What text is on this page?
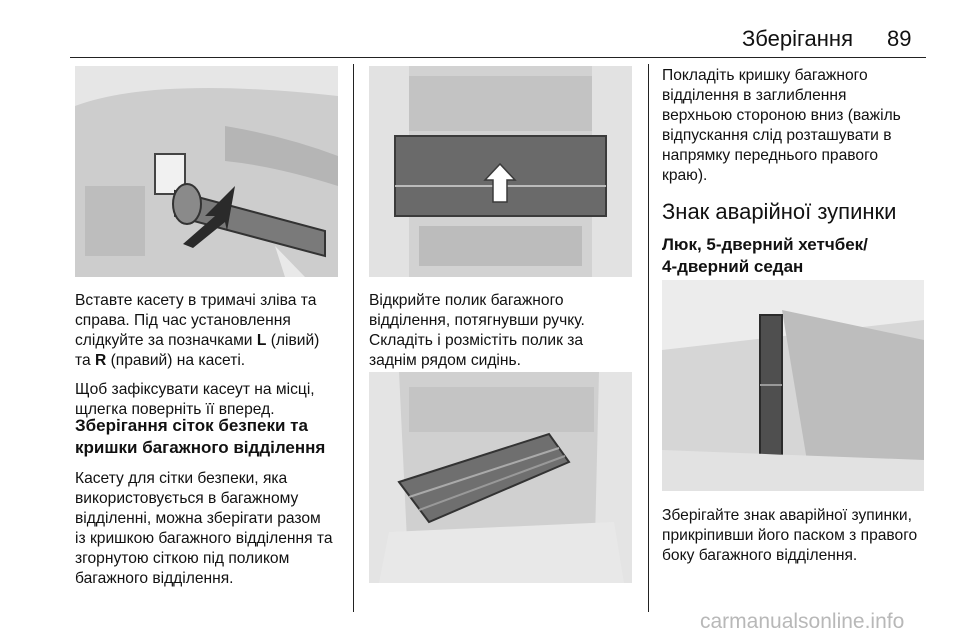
Зберігання 89
Вставте касету в тримачі зліва та
справа. Під час установлення
слідкуйте за позначками L (лівий)
та R (правий) на касеті.
Щоб зафіксувати касеут на місці,
щлегка поверніть її вперед.
Зберігання сіток безпеки та
кришки багажного відділення
Касету для сітки безпеки, яка
використовується в багажному
відділенні, можна зберігати разом
із кришкою багажного відділення та
згорнутою сіткою під поликом
багажного відділення.
Відкрийте полик багажного
відділення, потягнувши ручку.
Складіть і розмістіть полик за
заднім рядом сидінь.
Покладіть кришку багажного
відділення в заглиблення
верхньою стороною вниз (важіль
відпускання слід розташувати в
напрямку переднього правого
краю).
Знак аварійної зупинки
Люк, 5-дверний хетчбек/
4-дверний седан
Зберігайте знак аварійної зупинки,
прикріпивши його паском з правого
боку багажного відділення.
carmanualsonline.info
